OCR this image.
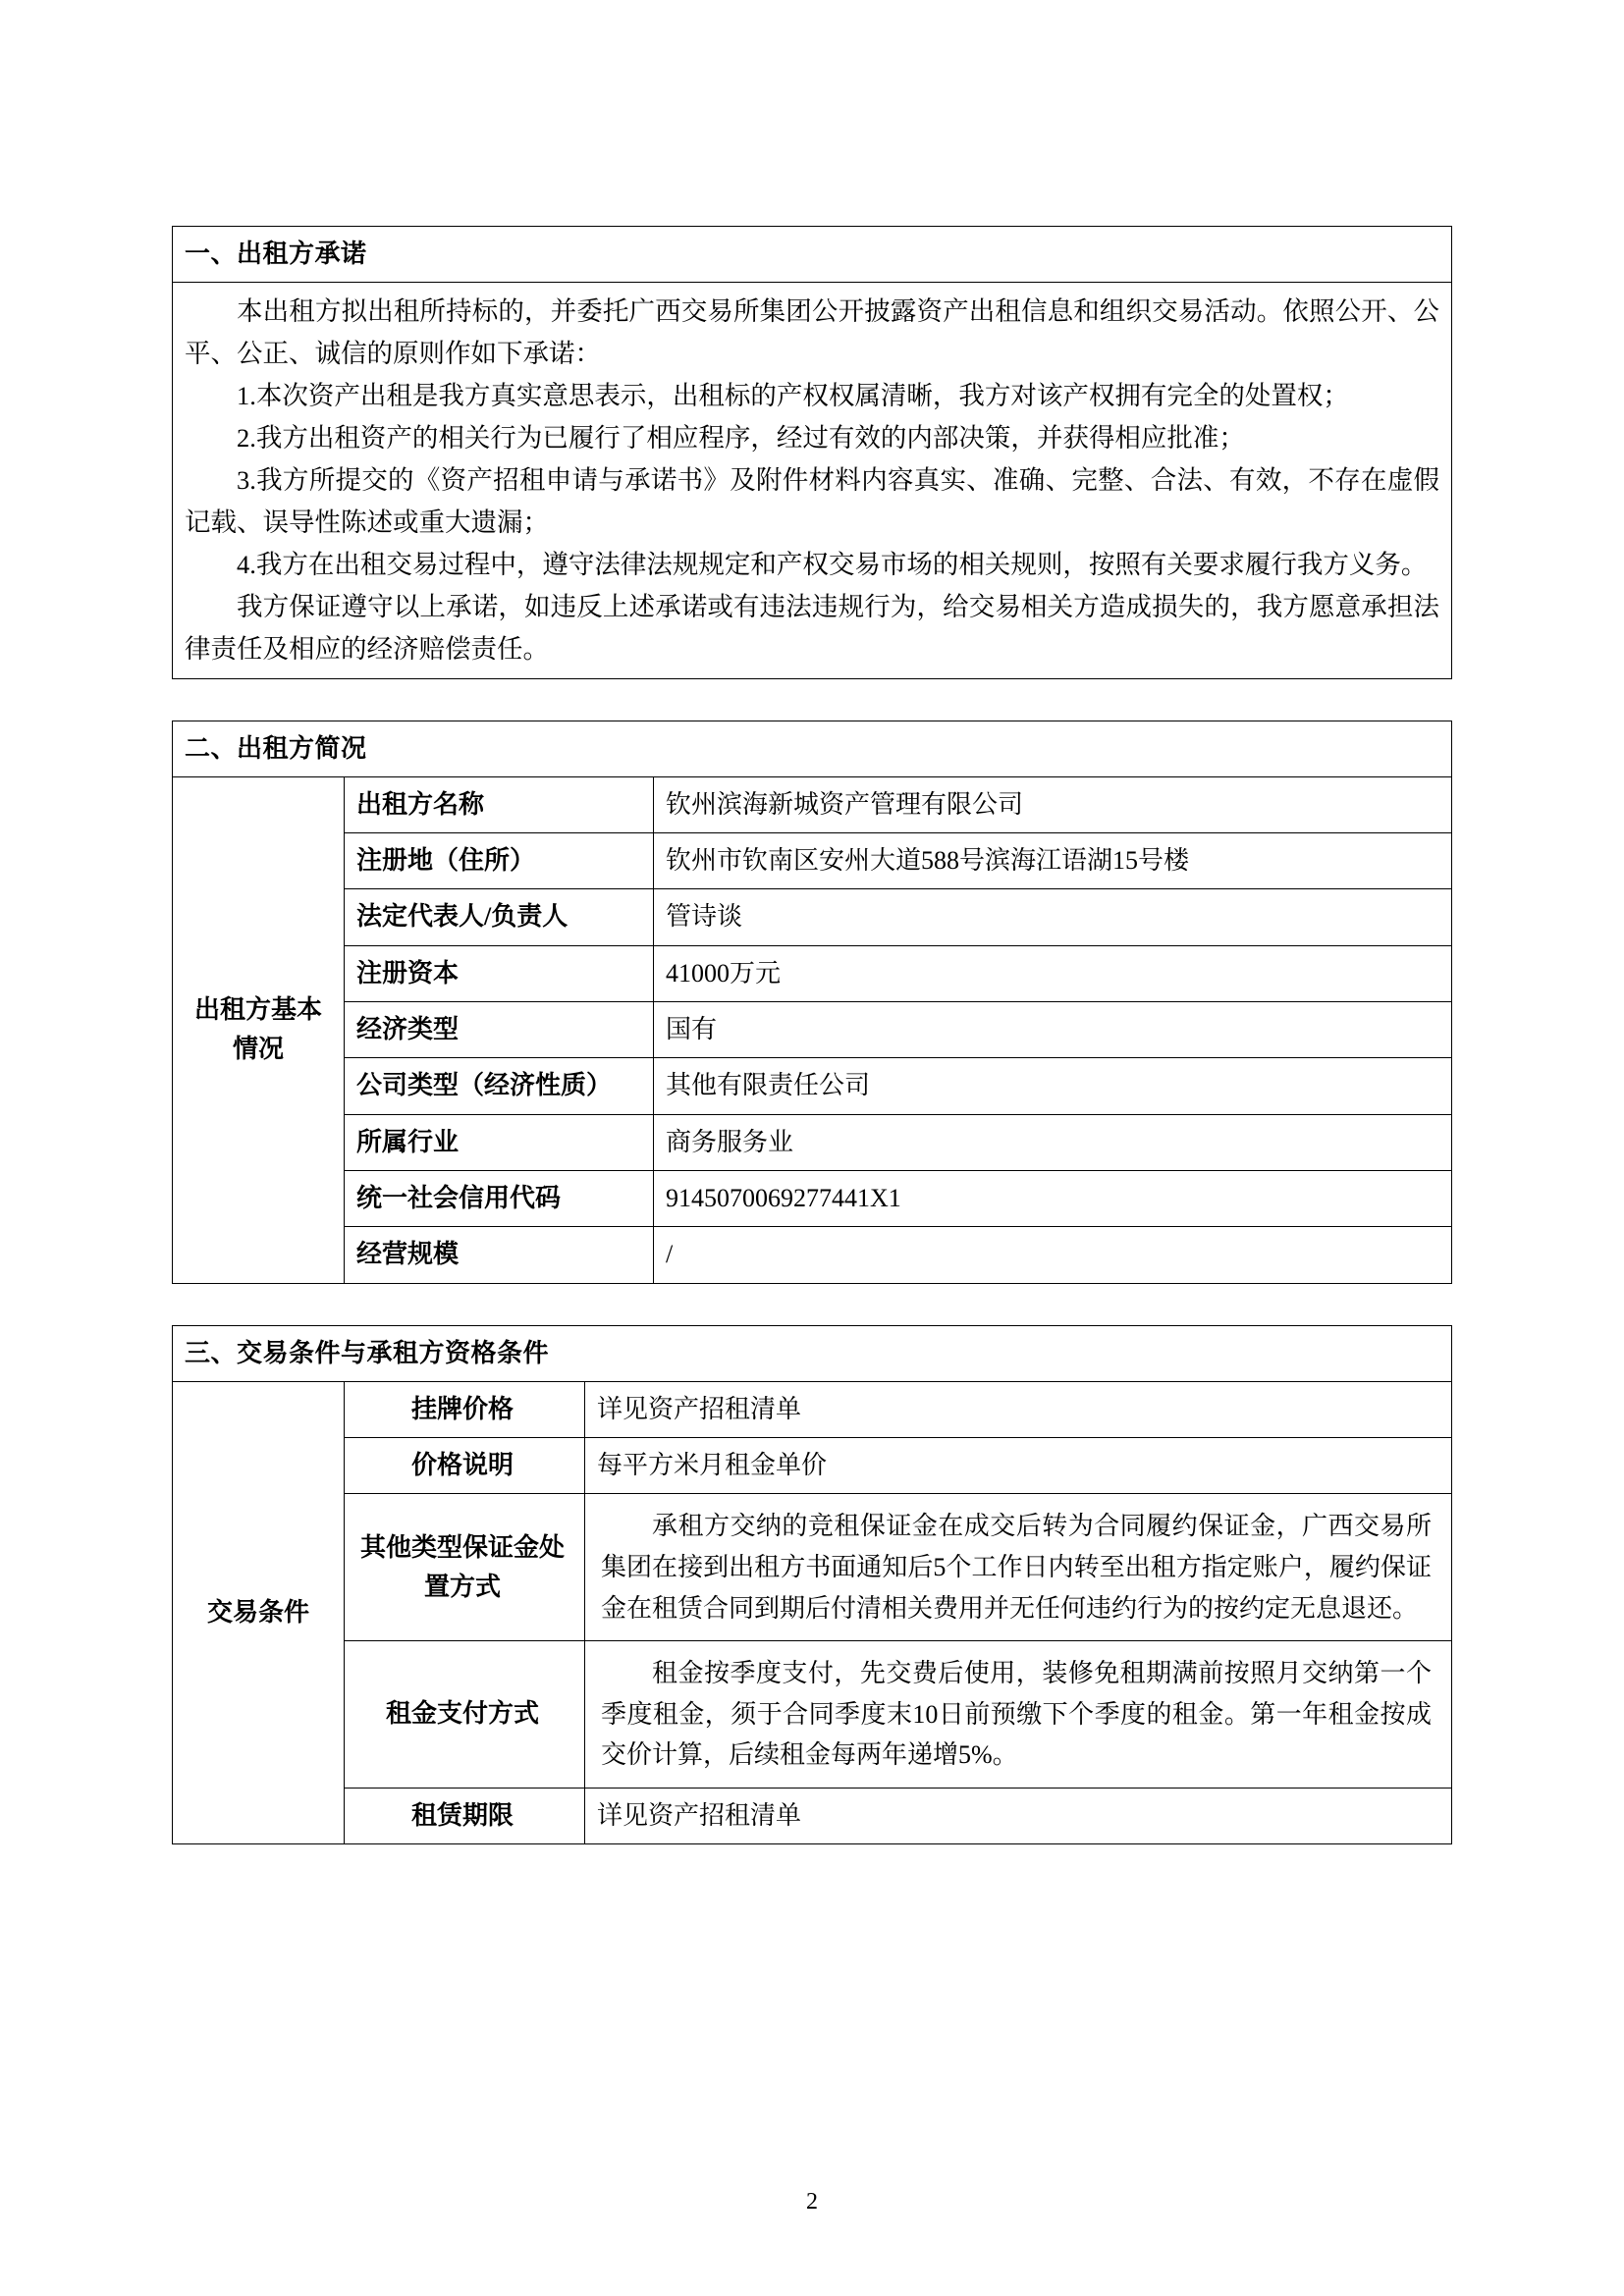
一、出租方承诺

本出租方拟出租所持标的，并委托广西交易所集团公开披露资产出租信息和组织交易活动。依照公开、公平、公正、诚信的原则作如下承诺：

1.本次资产出租是我方真实意思表示，出租标的产权权属清晰，我方对该产权拥有完全的处置权；

2.我方出租资产的相关行为已履行了相应程序，经过有效的内部决策，并获得相应批准；

3.我方所提交的《资产招租申请与承诺书》及附件材料内容真实、准确、完整、合法、有效，不存在虚假记载、误导性陈述或重大遗漏；

4.我方在出租交易过程中，遵守法律法规规定和产权交易市场的相关规则，按照有关要求履行我方义务。

我方保证遵守以上承诺，如违反上述承诺或有违法违规行为，给交易相关方造成损失的，我方愿意承担法律责任及相应的经济赔偿责任。

二、出租方简况		
出租方基本情况	出租方名称	钦州滨海新城资产管理有限公司
	注册地（住所）	钦州市钦南区安州大道588号滨海江语湖15号楼
	法定代表人/负责人	管诗谈
	注册资本	41000万元
	经济类型	国有
	公司类型（经济性质）	其他有限责任公司
	所属行业	商务服务业
	统一社会信用代码	9145070069277441X1
	经营规模	/
三、交易条件与承租方资格条件		
交易条件	挂牌价格	详见资产招租清单
	价格说明	每平方米月租金单价
	其他类型保证金处置方式	承租方交纳的竞租保证金在成交后转为合同履约保证金，广西交易所集团在接到出租方书面通知后5个工作日内转至出租方指定账户，履约保证金在租赁合同到期后付清相关费用并无任何违约行为的按约定无息退还。
	租金支付方式	租金按季度支付，先交费后使用，装修免租期满前按照月交纳第一个季度租金，须于合同季度末10日前预缴下个季度的租金。第一年租金按成交价计算，后续租金每两年递增5%。
	租赁期限	详见资产招租清单
2
